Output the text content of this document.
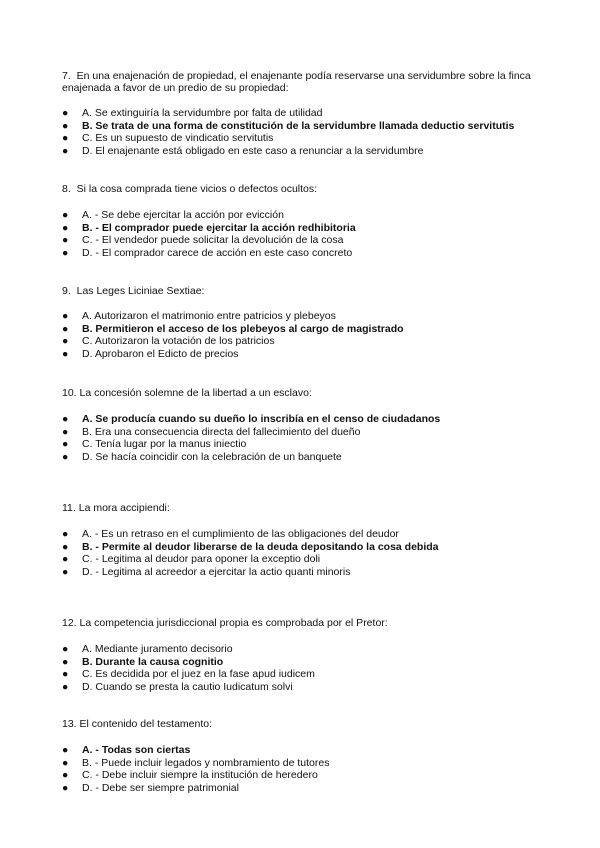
7. En una enajenación de propiedad, el enajenante podía reservarse una servidumbre sobre la finca enajenada a favor de un predio de su propiedad:
●	A. Se extinguiría la servidumbre por falta de utilidad
●	B. Se trata de una forma de constitución de la servidumbre llamada deductio servitutis
●	C. Es un supuesto de vindicatio servitutis
●	D. El enajenante está obligado en este caso a renunciar a la servidumbre
8. Si la cosa comprada tiene vicios o defectos ocultos:
●	A. - Se debe ejercitar la acción por evicción
●	B. - El comprador puede ejercitar la acción redhibitoria
●	C. - El vendedor puede solicitar la devolución de la cosa
●	D. - El comprador carece de acción en este caso concreto
9. Las Leges Liciniae Sextiae:
●	A. Autorizaron el matrimonio entre patricios y plebeyos
●	B. Permitieron el acceso de los plebeyos al cargo de magistrado
●	C. Autorizaron la votación de los patricios
●	D. Aprobaron el Edicto de precios
10. La concesión solemne de la libertad a un esclavo:
●	A. Se producía cuando su dueño lo inscribía en el censo de ciudadanos
●	B. Era una consecuencia directa del fallecimiento del dueño
●	C. Tenía lugar por la manus iniectio
●	D. Se hacía coincidir con la celebración de un banquete
11. La mora accipiendi:
●	A. - Es un retraso en el cumplimiento de las obligaciones del deudor
●	B. - Permite al deudor liberarse de la deuda depositando la cosa debida
●	C. - Legitima al deudor para oponer la exceptio doli
●	D. - Legitima al acreedor a ejercitar la actio quanti minoris
12. La competencia jurisdiccional propia es comprobada por el Pretor:
●	A. Mediante juramento decisorio
●	B. Durante la causa cognitio
●	C. Es decidida por el juez en la fase apud iudicem
●	D. Cuando se presta la cautio Iudicatum solvi
13. El contenido del testamento:
●	A. - Todas son ciertas
●	B. - Puede incluir legados y nombramiento de tutores
●	C. - Debe incluir siempre la institución de heredero
●	D. - Debe ser siempre patrimonial
